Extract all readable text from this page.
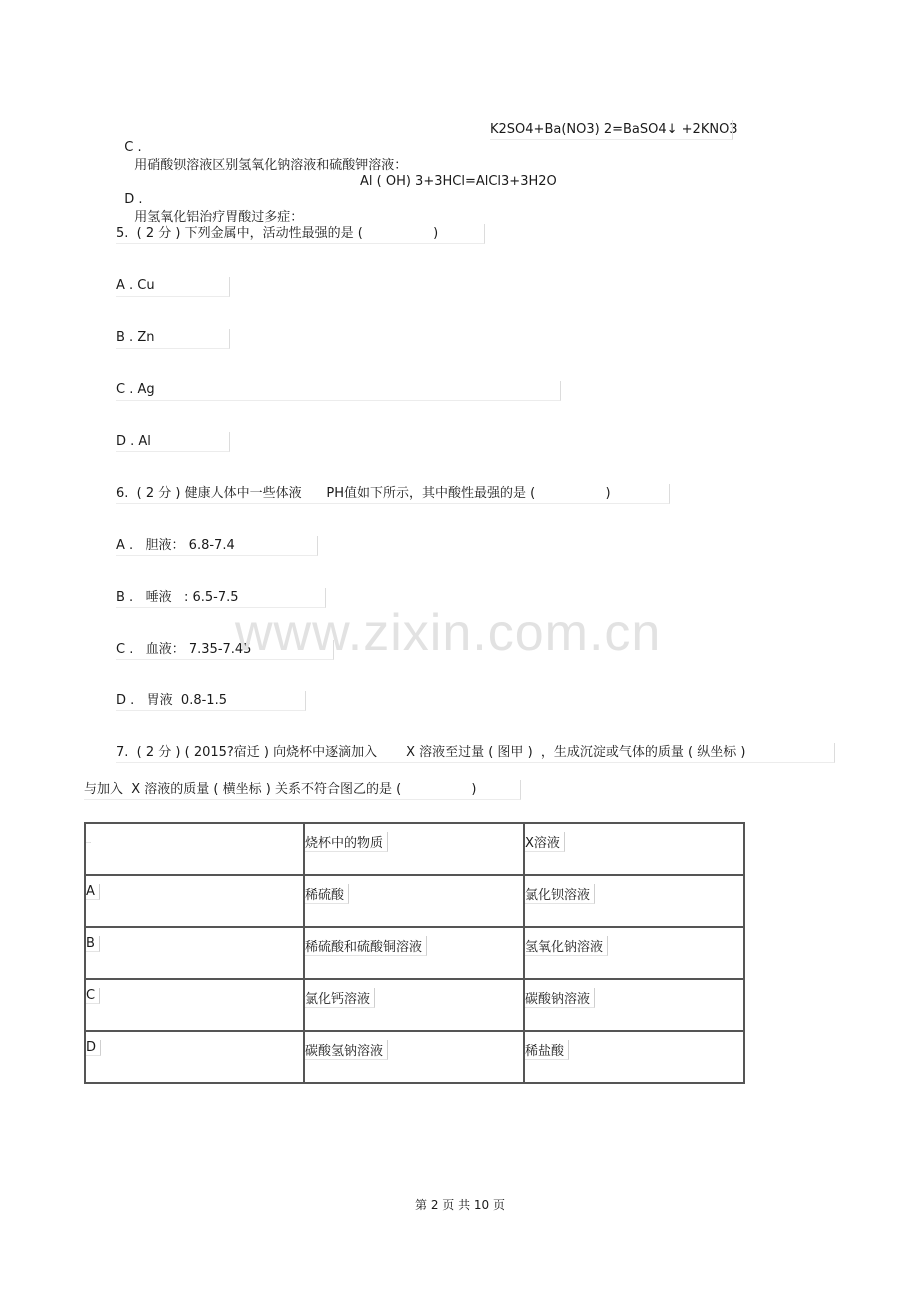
C .
用硝酸钡溶液区别氢氧化钠溶液和硫酸钾溶液：

K2SO4+Ba(NO3) 2=BaSO4↓ +2KNO3

D .
用氢氧化铝治疗胃酸过多症：

Al ( OH) 3+3HCl=AlCl3+3H2O
5.  ( 2 分 ) 下列金属中，活动性最强的是 (                 )
A . Cu
B . Zn
C . Ag
D . Al
6.  ( 2 分 ) 健康人体中一些体液      PH值如下所示，其中酸性最强的是 (                 )
A .   胆液： 6.8-7.4
B .   唾液   : 6.5-7.5
C .   血液： 7.35-7.45
D .   胃液  0.8-1.5
www.zixin.com.cn
7.  ( 2 分 ) ( 2015?宿迁 ) 向烧杯中逐滴加入       X 溶液至过量 ( 图甲 )  ，生成沉淀或气体的质量 ( 纵坐标 )
与加入  X 溶液的质量 ( 横坐标 ) 关系不符合图乙的是 (                 )
	烧杯中的物质	X溶液
A	稀硫酸	氯化钡溶液
B	稀硫酸和硫酸铜溶液	氢氧化钠溶液
C	氯化钙溶液	碳酸钠溶液
D	碳酸氢钠溶液	稀盐酸
第 2 页 共 10 页
